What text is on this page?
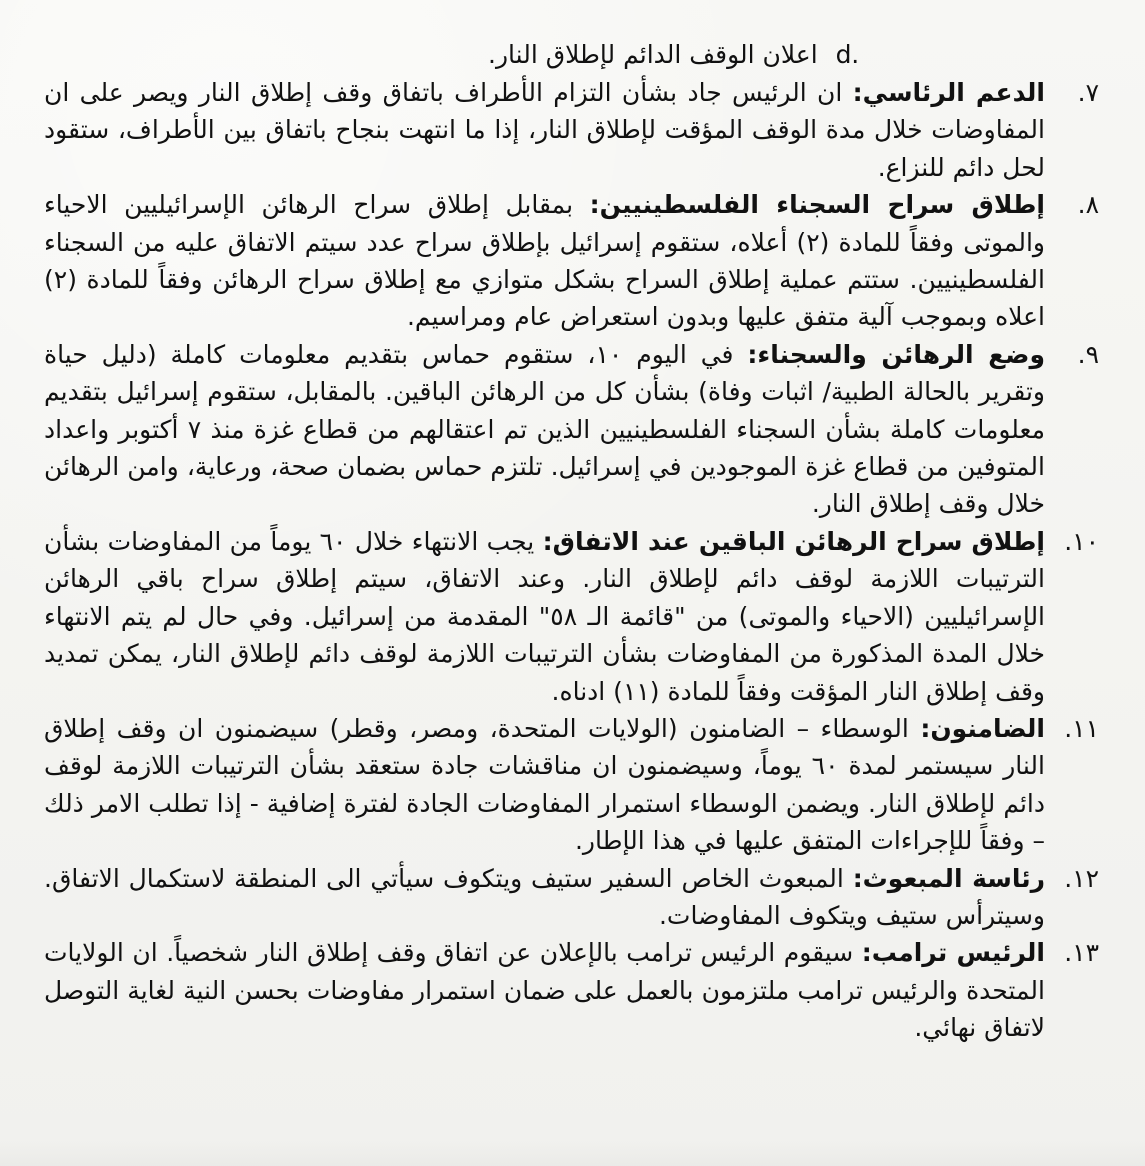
d.
اعلان الوقف الدائم لإطلاق النار.
٧.
الدعم الرئاسي: ان الرئيس جاد بشأن التزام الأطراف باتفاق وقف إطلاق النار ويصر على ان المفاوضات خلال مدة الوقف المؤقت لإطلاق النار، إذا ما انتهت بنجاح باتفاق بين الأطراف، ستقود لحل دائم للنزاع.
٨.
إطلاق سراح السجناء الفلسطينيين: بمقابل إطلاق سراح الرهائن الإسرائيليين الاحياء والموتى وفقاً للمادة (٢) أعلاه، ستقوم إسرائيل بإطلاق سراح عدد سيتم الاتفاق عليه من السجناء الفلسطينيين. ستتم عملية إطلاق السراح بشكل متوازي مع إطلاق سراح الرهائن وفقاً للمادة (٢) اعلاه وبموجب آلية متفق عليها وبدون استعراض عام ومراسيم.
٩.
وضع الرهائن والسجناء: في اليوم ١٠، ستقوم حماس بتقديم معلومات كاملة (دليل حياة وتقرير بالحالة الطبية/ اثبات وفاة) بشأن كل من الرهائن الباقين. بالمقابل، ستقوم إسرائيل بتقديم معلومات كاملة بشأن السجناء الفلسطينيين الذين تم اعتقالهم من قطاع غزة منذ ٧ أكتوبر واعداد المتوفين من قطاع غزة الموجودين في إسرائيل. تلتزم حماس بضمان صحة، ورعاية، وامن الرهائن خلال وقف إطلاق النار.
١٠.
إطلاق سراح الرهائن الباقين عند الاتفاق: يجب الانتهاء خلال ٦٠ يوماً من المفاوضات بشأن الترتيبات اللازمة لوقف دائم لإطلاق النار. وعند الاتفاق، سيتم إطلاق سراح باقي الرهائن الإسرائيليين (الاحياء والموتى) من "قائمة الـ ٥٨" المقدمة من إسرائيل. وفي حال لم يتم الانتهاء خلال المدة المذكورة من المفاوضات بشأن الترتيبات اللازمة لوقف دائم لإطلاق النار، يمكن تمديد وقف إطلاق النار المؤقت وفقاً للمادة (١١) ادناه.
١١.
الضامنون: الوسطاء – الضامنون (الولايات المتحدة، ومصر، وقطر) سيضمنون ان وقف إطلاق النار سيستمر لمدة ٦٠ يوماً، وسيضمنون ان مناقشات جادة ستعقد بشأن الترتيبات اللازمة لوقف دائم لإطلاق النار. ويضمن الوسطاء استمرار المفاوضات الجادة لفترة إضافية - إذا تطلب الامر ذلك – وفقاً للإجراءات المتفق عليها في هذا الإطار.
١٢.
رئاسة المبعوث: المبعوث الخاص السفير ستيف ويتكوف سيأتي الى المنطقة لاستكمال الاتفاق. وسيترأس ستيف ويتكوف المفاوضات.
١٣.
الرئيس ترامب: سيقوم الرئيس ترامب بالإعلان عن اتفاق وقف إطلاق النار شخصياً. ان الولايات المتحدة والرئيس ترامب ملتزمون بالعمل على ضمان استمرار مفاوضات بحسن النية لغاية التوصل لاتفاق نهائي.
